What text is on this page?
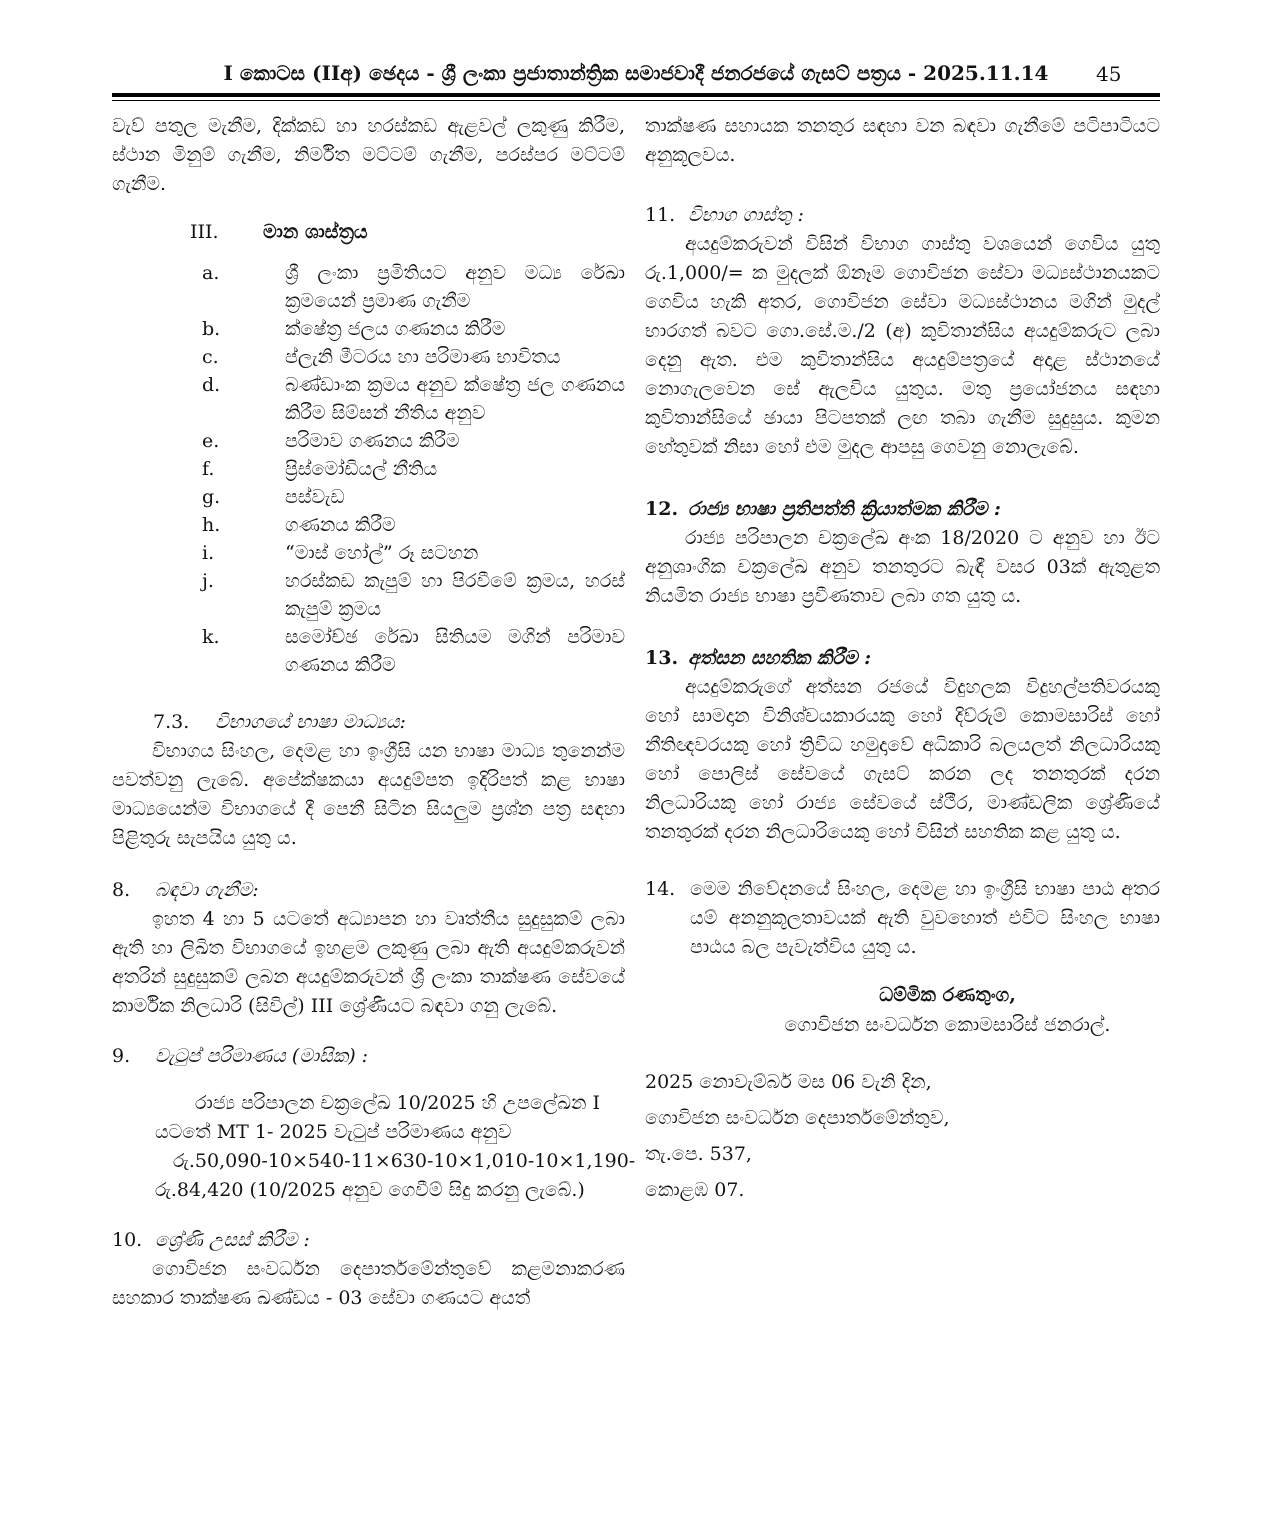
I කොටස (IIඅ) ඡෙදය - ශ්‍රී ලංකා ප්‍රජාතාන්ත්‍රික සමාජවාදී ජනරජයේ ගැසට් පත්‍රය - 2025.11.14	45

වැව් පතුල මැනීම, දික්කඩ හා හරස්කඩ ඇළවල් ලකුණු කිරීම, ස්ථාන මිනුම් ගැනීම, නිර්මිත මට්ටම් ගැනීම, පරස්පර මට්ටම් ගැනීම.

III.	මාන ශාස්ත්‍රය
a.	ශ්‍රී ලංකා ප්‍රමිතියට අනුව මධ්‍ය රේඛා ක්‍රමයෙන් ප්‍රමාණ ගැනීම
b.	ක්ෂේත්‍ර ජලය ගණනය කිරීම
c.	ප්ලැනි මීටරය හා පරිමාණ භාවිතය
d.	බණ්ඩාංක ක්‍රමය අනුව ක්ෂේත්‍ර ජල ගණනය කිරීම සිම්සන් නීතිය අනුව
e.	පරිමාව ගණනය කිරීම
f.	ප්‍රිස්මෝඩියල් නීතිය
g.	පස්වැඩ
h.	ගණනය කිරීම
i.	“මාස් හෝල්” රූ සටහන
j.	හරස්කඩ කැපුම් හා පිරවීමේ ක්‍රමය, හරස් කැපුම් ක්‍රමය
k.	සමෝච්ඡ රේඛා සිතියම මගින් පරිමාව ගණනය කිරීම
7.3.	විභාගයේ භාෂා මාධ්‍යය:

විභාගය සිංහල, දෙමළ හා ඉංග්‍රීසි යන භාෂා මාධ්‍ය තුනෙන්ම පවත්වනු ලැබේ. අපේක්ෂකයා අයදුම්පත ඉදිරිපත් කළ භාෂා මාධ්‍යයෙන්ම විභාගයේ දී පෙනී සිටින සියලුම ප්‍රශ්න පත්‍ර සඳහා පිළිතුරු සැපයිය යුතු ය.

8.	බඳවා ගැනීම:

ඉහත 4 හා 5 යටතේ අධ්‍යාපන හා වෘත්තීය සුදුසුකම් ලබා ඇති හා ලිඛිත විභාගයේ ඉහළම ලකුණු ලබා ඇති අයදුම්කරුවන් අතරින් සුදුසුකම් ලබන අයදුම්කරුවන් ශ්‍රී ලංකා තාක්ෂණ සේවයේ කාර්මික නිලධාරි (සිවිල්) III ශ්‍රේණියට බඳවා ගනු ලැබේ.

9.	වැටුප් පරිමාණය (මාසික) :
රාජ්‍ය පරිපාලන චක්‍රලේඛ 10/2025 හි උපලේඛන I
යටතේ MT 1- 2025 වැටුප් පරිමාණය අනුව
රු.50,090-10×540-11×630-10×1,010-10×1,190-
රු.84,420 (10/2025 අනුව ගෙවීම් සිදු කරනු ලැබේ.)
10. ශ්‍රේණි උසස් කිරීම :

ගොවිජන සංවර්ධන දෙපාර්තමේන්තුවේ කළමනාකරණ සහකාර තාක්ෂණ ඛණ්ඩය - 03 සේවා ගණයට අයත්

තාක්ෂණ සහායක තනතුර සඳහා වන බඳවා ගැනීමේ පටිපාටියට අනුකූලවය.

11. විභාග ගාස්තු :

අයදුම්කරුවන් විසින් විභාග ගාස්තු වශයෙන් ගෙවිය යුතු රු.1,000/= ක මුදලක් ඕනෑම ගොවිජන සේවා මධ්‍යස්ථානයකට ගෙවිය හැකි අතර, ගොවිජන සේවා මධ්‍යස්ථානය මගින් මුදල් භාරගත් බවට ගො.සේ.ම./2 (අ) කුවිතාන්සිය අයදුම්කරුට ලබා දෙනු ඇත. එම කුවිතාන්සිය අයදුම්පත්‍රයේ අදාළ ස්ථානයේ නොගැලවෙන සේ ඇලවිය යුතුය. මතු ප්‍රයෝජනය සඳහා කුවිතාන්සියේ ඡායා පිටපතක් ලඟ තබා ගැනීම සුදුසුය. කුමන හේතුවක් නිසා හෝ එම මුදල ආපසු ගෙවනු නොලැබේ.

12. රාජ්‍ය භාෂා ප්‍රතිපත්ති ක්‍රියාත්මක කිරීම :

රාජ්‍ය පරිපාලන චක්‍රලේඛ අංක 18/2020 ට අනුව හා ඊට අනුශාංගික චක්‍රලේඛ අනුව තනතුරට බැඳී වසර 03ක් ඇතුළත නියමිත රාජ්‍ය භාෂා ප්‍රවීණතාව ලබා ගත යුතු ය.

13. අත්සන සහතික කිරීම :

අයදුම්කරුගේ අත්සන රජයේ විදුහලක විදුහල්පතිවරයකු හෝ සාමදාන විනිශ්චයකාරයකු හෝ දිව්රුම් කොමසාරිස් හෝ නීතිඥවරයකු හෝ ත්‍රිවිධ හමුදාවේ අධිකාරි බලයලත් නිලධාරියකු හෝ පොලිස් සේවයේ ගැසට් කරන ලද තනතුරක් දරන නිලධාරියකු හෝ රාජ්‍ය සේවයේ ස්ථීර, මාණ්ඩලික ශ්‍රේණියේ තනතුරක් දරන නිලධාරියෙකු හෝ විසින් සහතික කළ යුතු ය.

14. මෙම නිවේදනයේ සිංහල, දෙමළ හා ඉංග්‍රීසි භාෂා පාඨ අතර යම් අනනුකූලතාවයක් ඇති වුවහොත් එවිට සිංහල භාෂා පාඨය බල පැවැත්විය යුතු ය.
ධම්මික රණතුංග,
ගොවිජන සංවර්ධන කොමසාරිස් ජනරාල්.
2025 නොවැම්බර් මස 06 වැනි දින,
ගොවිජන සංවර්ධන දෙපාර්තමේන්තුව,
තැ.පෙ. 537,
කොළඹ 07.
